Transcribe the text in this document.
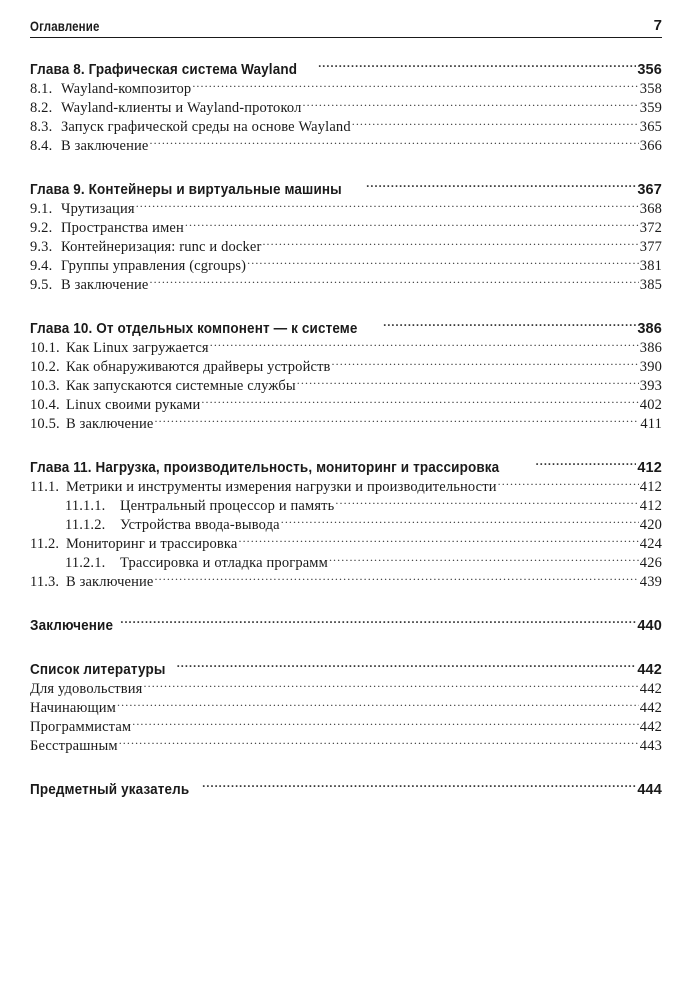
Оглавление	7
Глава 8. Графическая система Wayland .....	356
8.1. Wayland-композитор .....	358
8.2. Wayland-клиенты и Wayland-протокол .....	359
8.3. Запуск графической среды на основе Wayland .....	365
8.4. В заключение .....	366
Глава 9. Контейнеры и виртуальные машины .....	367
9.1. Чрутизация .....	368
9.2. Пространства имен .....	372
9.3. Контейнеризация: runc и docker .....	377
9.4. Группы управления (cgroups) .....	381
9.5. В заключение .....	385
Глава 10. От отдельных компонент — к системе .....	386
10.1. Как Linux загружается .....	386
10.2. Как обнаруживаются драйверы устройств .....	390
10.3. Как запускаются системные службы .....	393
10.4. Linux своими руками .....	402
10.5. В заключение .....	411
Глава 11. Нагрузка, производительность, мониторинг и трассировка .....	412
11.1. Метрики и инструменты измерения нагрузки и производительности .....	412
11.1.1.	Центральный процессор и память .....	412
11.1.2.	Устройства ввода-вывода .....	420
11.2. Мониторинг и трассировка .....	424
11.2.1.	Трассировка и отладка программ .....	426
11.3. В заключение .....	439
Заключение .....	440
Список литературы .....	442
Для удовольствия .....	442
Начинающим .....	442
Программистам .....	442
Бесстрашным .....	443
Предметный указатель .....	444
